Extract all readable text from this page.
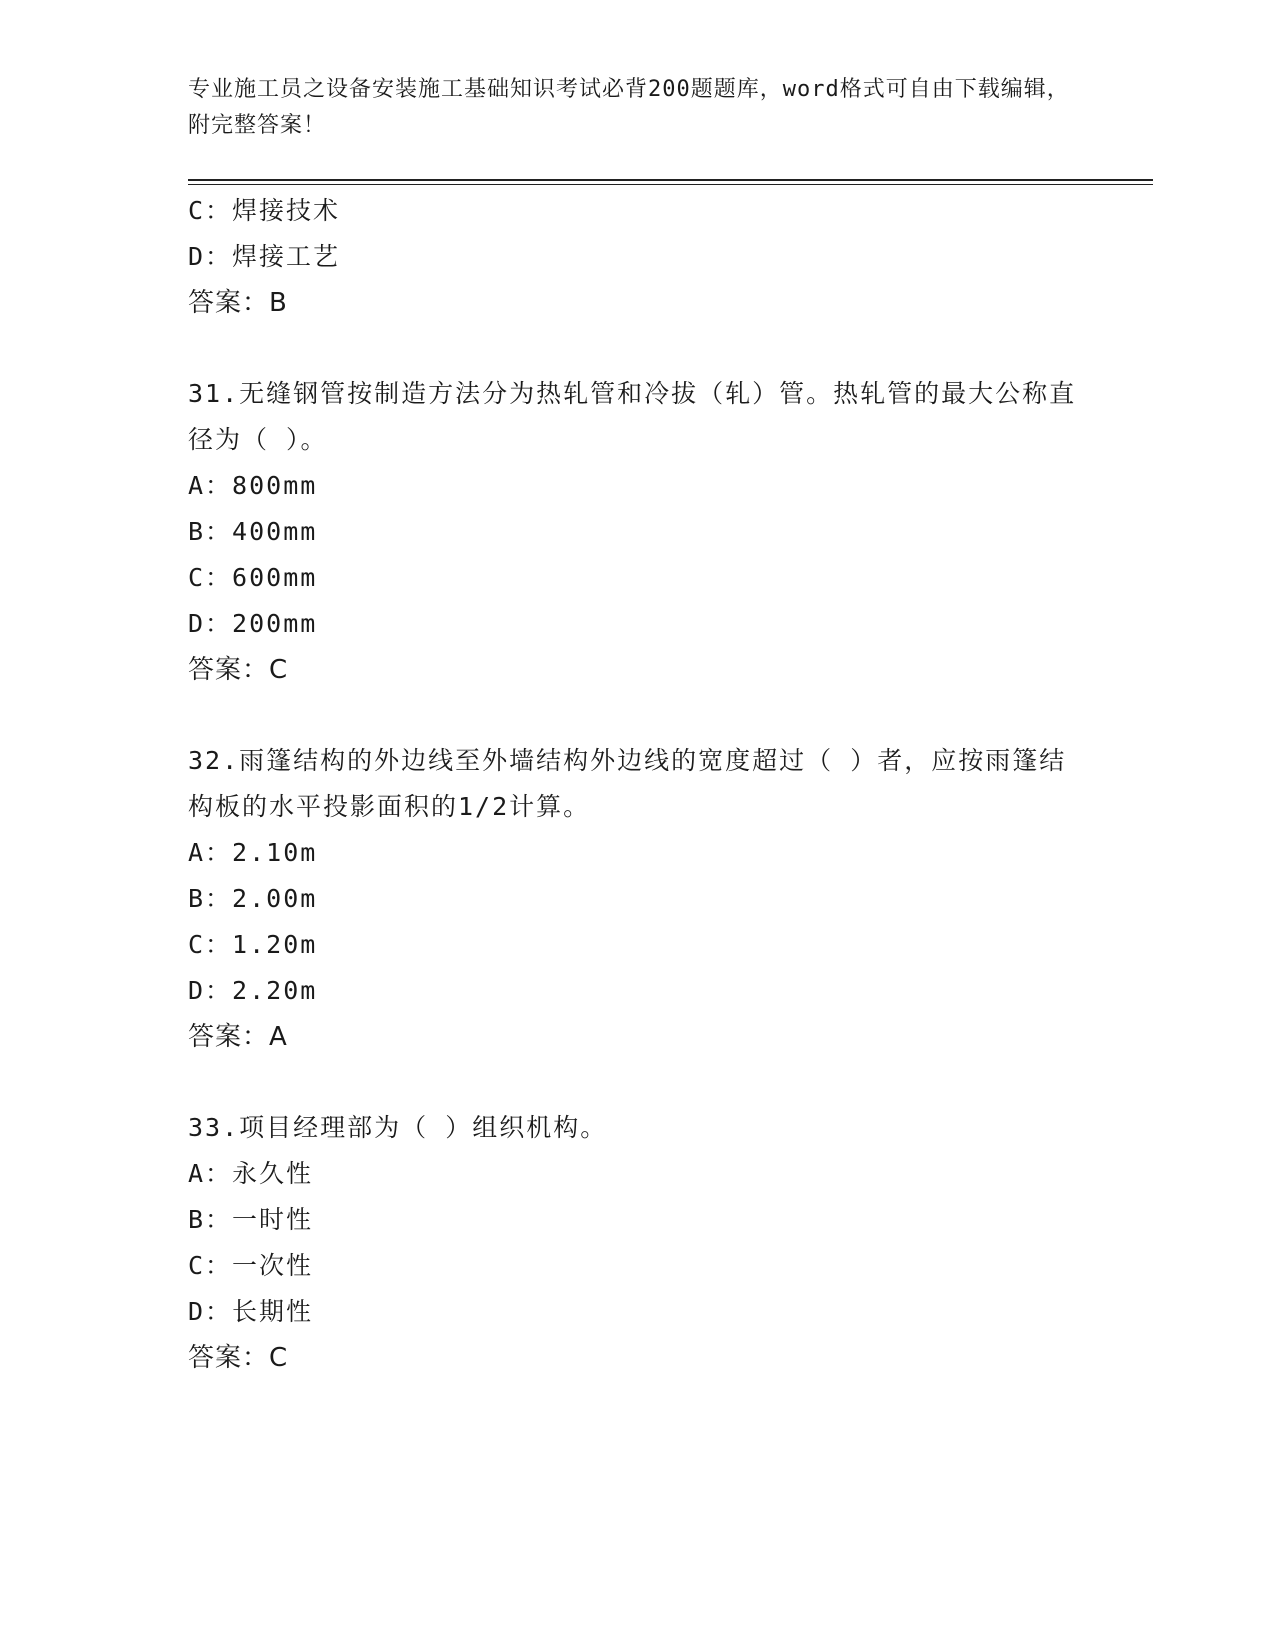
专业施工员之设备安装施工基础知识考试必背200题题库，word格式可自由下载编辑，附完整答案！
C：焊接技术
D：焊接工艺
答案：B
31.无缝钢管按制造方法分为热轧管和冷拔（轧）管。热轧管的最大公称直径为（ ）。
A：800mm
B：400mm
C：600mm
D：200mm
答案：C
32.雨篷结构的外边线至外墙结构外边线的宽度超过（ ）者，应按雨篷结构板的水平投影面积的1/2计算。
A：2.10m
B：2.00m
C：1.20m
D：2.20m
答案：A
33.项目经理部为（ ）组织机构。
A：永久性
B：一时性
C：一次性
D：长期性
答案：C
